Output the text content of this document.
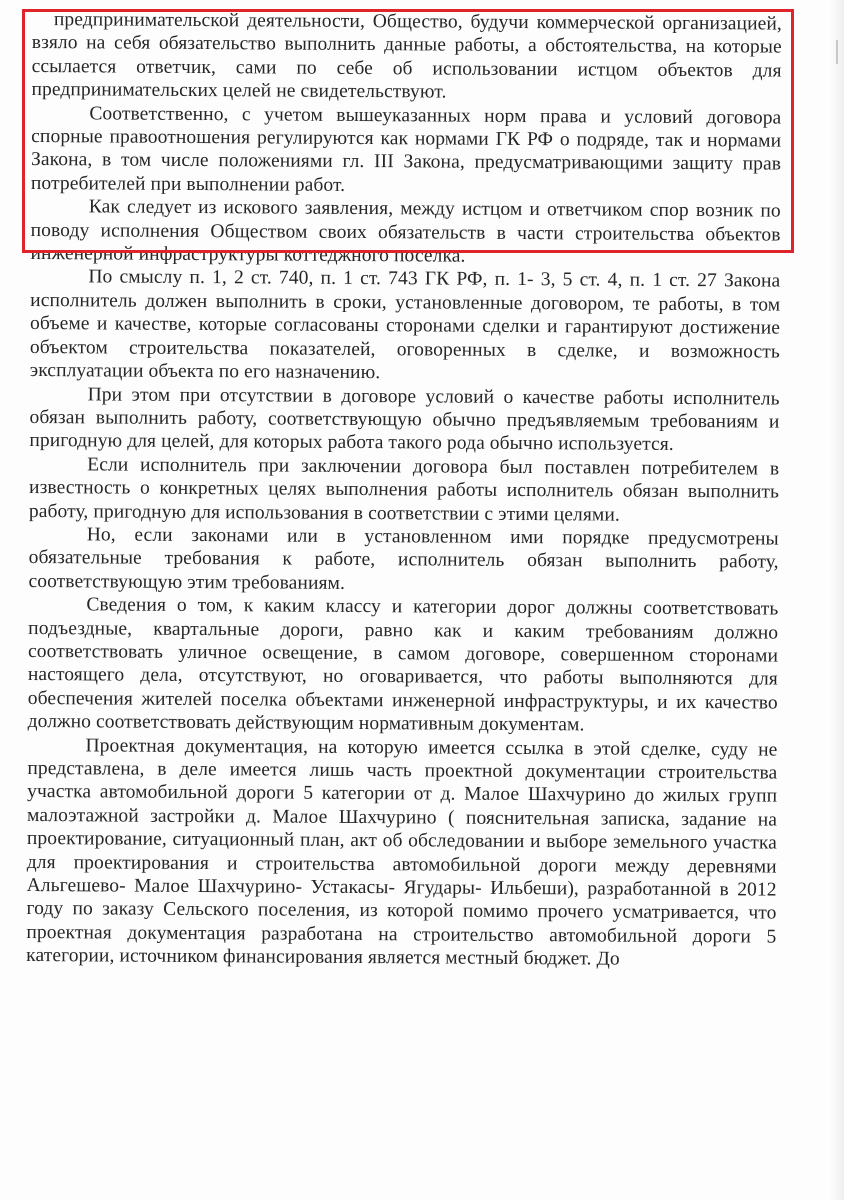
предпринимательской деятельности, Общество, будучи коммерческой организацией, взяло на себя обязательство выполнить данные работы, а обстоятельства, на которые ссылается ответчик, сами по себе об использовании истцом объектов для предпринимательских целей не свидетельствуют.

Соответственно, с учетом вышеуказанных норм права и условий договора спорные правоотношения регулируются как нормами ГК РФ о подряде, так и нормами Закона, в том числе положениями гл. III Закона, предусматривающими защиту прав потребителей при выполнении работ.

Как следует из искового заявления, между истцом и ответчиком спор возник по поводу исполнения Обществом своих обязательств в части строительства объектов инженерной инфраструктуры коттеджного поселка.

По смыслу п. 1, 2 ст. 740, п. 1 ст. 743 ГК РФ, п. 1- 3, 5 ст. 4, п. 1 ст. 27 Закона исполнитель должен выполнить в сроки, установленные договором, те работы, в том объеме и качестве, которые согласованы сторонами сделки и гарантируют достижение объектом строительства показателей, оговоренных в сделке, и возможность эксплуатации объекта по его назначению.

При этом при отсутствии в договоре условий о качестве работы исполнитель обязан выполнить работу, соответствующую обычно предъявляемым требованиям и пригодную для целей, для которых работа такого рода обычно используется.

Если исполнитель при заключении договора был поставлен потребителем в известность о конкретных целях выполнения работы исполнитель обязан выполнить работу, пригодную для использования в соответствии с этими целями.

Но, если законами или в установленном ими порядке предусмотрены обязательные требования к работе, исполнитель обязан выполнить работу, соответствующую этим требованиям.

Сведения о том, к каким классу и категории дорог должны соответствовать подъездные, квартальные дороги, равно как и каким требованиям должно соответствовать уличное освещение, в самом договоре, совершенном сторонами настоящего дела, отсутствуют, но оговаривается, что работы выполняются для обеспечения жителей поселка объектами инженерной инфраструктуры, и их качество должно соответствовать действующим нормативным документам.

Проектная документация, на которую имеется ссылка в этой сделке, суду не представлена, в деле имеется лишь часть проектной документации строительства участка автомобильной дороги 5 категории от д. Малое Шахчурино до жилых групп малоэтажной застройки д. Малое Шахчурино ( пояснительная записка, задание на проектирование, ситуационный план, акт об обследовании и выборе земельного участка для проектирования и строительства автомобильной дороги между деревнями Альгешево- Малое Шахчурино- Устакасы- Ягудары- Ильбеши), разработанной в 2012 году по заказу Сельского поселения, из которой помимо прочего усматривается, что проектная документация разработана на строительство автомобильной дороги 5 категории, источником финансирования является местный бюджет. До
